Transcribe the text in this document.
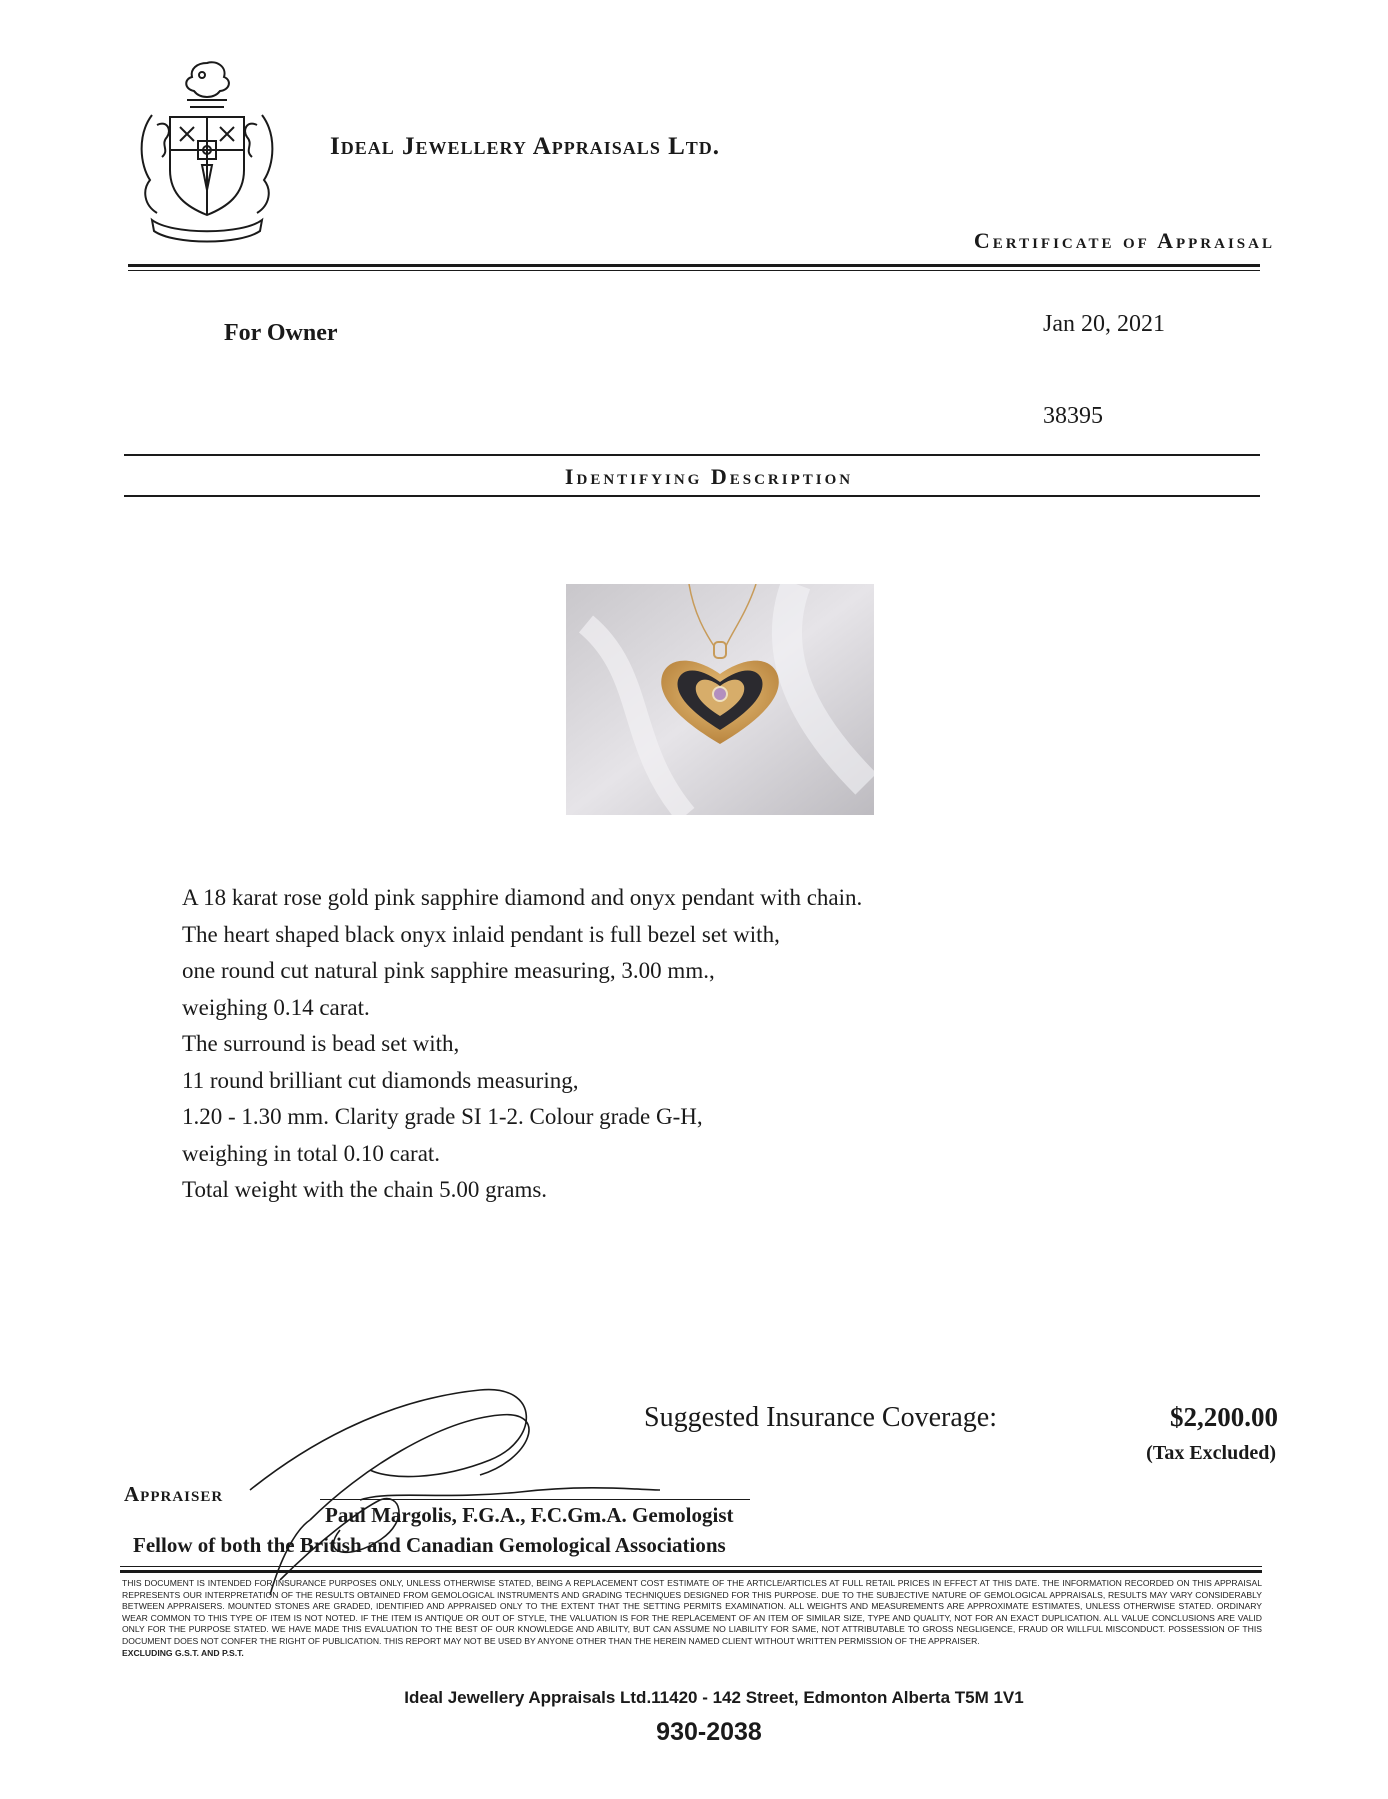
Ideal Jewellery Appraisals Ltd.
Certificate of Appraisal
For Owner	Jan 20, 2021
38395
Identifying Description
A 18 karat rose gold pink sapphire diamond and onyx pendant with chain.
The heart shaped black onyx inlaid pendant is full bezel set with,
one round cut natural pink sapphire measuring, 3.00 mm.,
weighing 0.14 carat.
The surround is bead set with,
11 round brilliant cut diamonds measuring,
1.20 - 1.30 mm. Clarity grade SI 1-2. Colour grade G-H,
weighing in total 0.10 carat.
Total weight with the chain 5.00 grams.
Suggested Insurance Coverage:	$2,200.00
(Tax Excluded)
Appraiser
Paul Margolis, F.G.A., F.C.Gm.A. Gemologist
Fellow of both the British and Canadian Gemological Associations
THIS DOCUMENT IS INTENDED FOR INSURANCE PURPOSES ONLY, UNLESS OTHERWISE STATED, BEING A REPLACEMENT COST ESTIMATE OF THE ARTICLE/ARTICLES AT FULL RETAIL PRICES IN EFFECT AT THIS DATE. THE INFORMATION RECORDED ON THIS APPRAISAL REPRESENTS OUR INTERPRETATION OF THE RESULTS OBTAINED FROM GEMOLOGICAL INSTRUMENTS AND GRADING TECHNIQUES DESIGNED FOR THIS PURPOSE. DUE TO THE SUBJECTIVE NATURE OF GEMOLOGICAL APPRAISALS, RESULTS MAY VARY CONSIDERABLY BETWEEN APPRAISERS. MOUNTED STONES ARE GRADED, IDENTIFIED AND APPRAISED ONLY TO THE EXTENT THAT THE SETTING PERMITS EXAMINATION. ALL WEIGHTS AND MEASUREMENTS ARE APPROXIMATE ESTIMATES, UNLESS OTHERWISE STATED. ORDINARY WEAR COMMON TO THIS TYPE OF ITEM IS NOT NOTED. IF THE ITEM IS ANTIQUE OR OUT OF STYLE, THE VALUATION IS FOR THE REPLACEMENT OF AN ITEM OF SIMILAR SIZE, TYPE AND QUALITY, NOT FOR AN EXACT DUPLICATION. ALL VALUE CONCLUSIONS ARE VALID ONLY FOR THE PURPOSE STATED. WE HAVE MADE THIS EVALUATION TO THE BEST OF OUR KNOWLEDGE AND ABILITY, BUT CAN ASSUME NO LIABILITY FOR SAME, NOT ATTRIBUTABLE TO GROSS NEGLIGENCE, FRAUD OR WILLFUL MISCONDUCT. POSSESSION OF THIS DOCUMENT DOES NOT CONFER THE RIGHT OF PUBLICATION. THIS REPORT MAY NOT BE USED BY ANYONE OTHER THAN THE HEREIN NAMED CLIENT WITHOUT WRITTEN PERMISSION OF THE APPRAISER.
EXCLUDING G.S.T. AND P.S.T.
Ideal Jewellery Appraisals Ltd.11420 - 142 Street, Edmonton Alberta T5M 1V1
930-2038
